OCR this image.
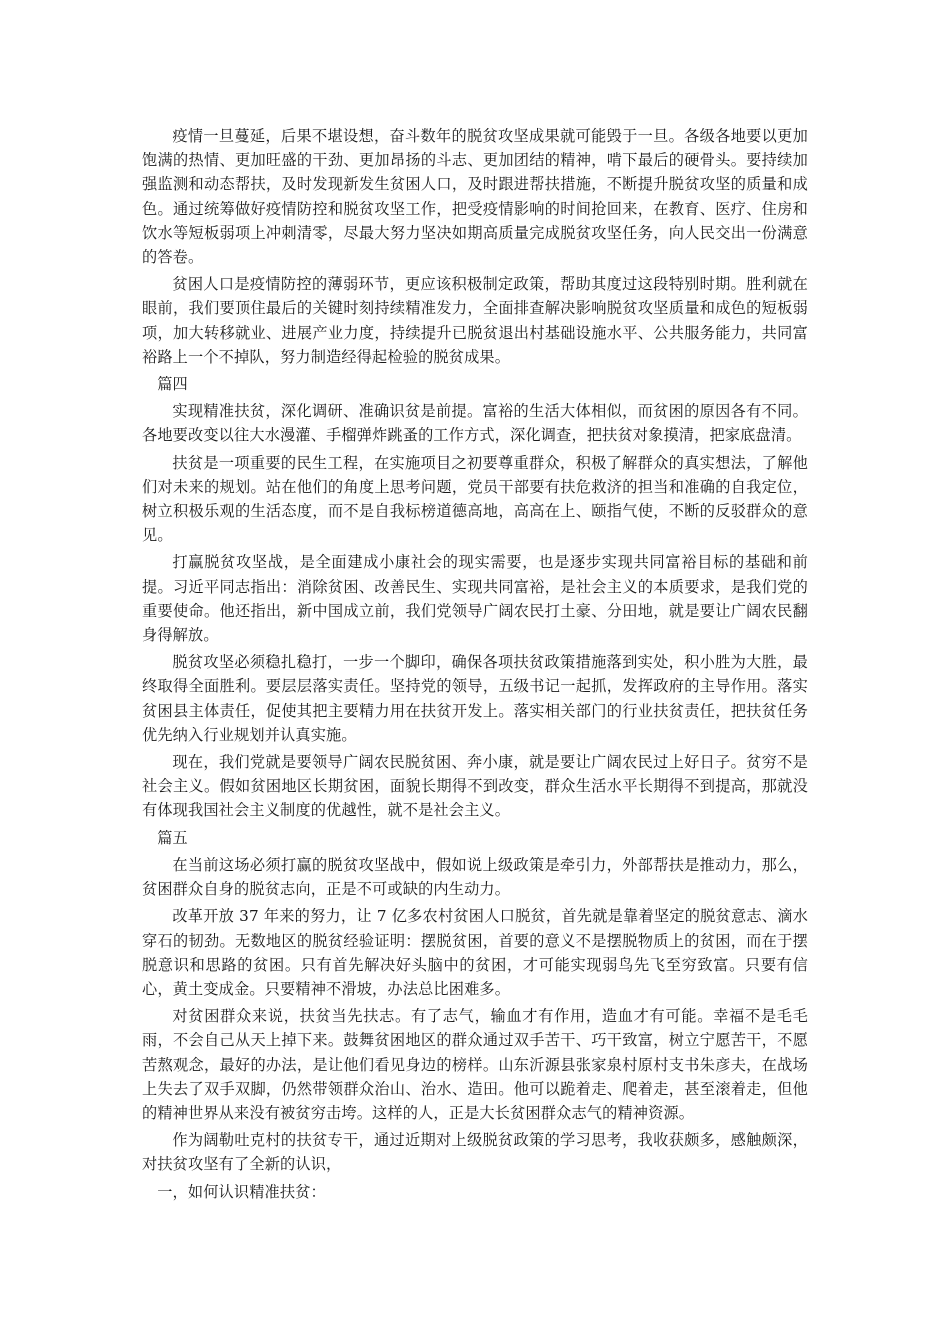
疫情一旦蔓延，后果不堪设想，奋斗数年的脱贫攻坚成果就可能毁于一旦。各级各地要以更加饱满的热情、更加旺盛的干劲、更加昂扬的斗志、更加团结的精神，啃下最后的硬骨头。要持续加强监测和动态帮扶，及时发现新发生贫困人口，及时跟进帮扶措施，不断提升脱贫攻坚的质量和成色。通过统筹做好疫情防控和脱贫攻坚工作，把受疫情影响的时间抢回来，在教育、医疗、住房和饮水等短板弱项上冲刺清零，尽最大努力坚决如期高质量完成脱贫攻坚任务，向人民交出一份满意的答卷。

贫困人口是疫情防控的薄弱环节，更应该积极制定政策，帮助其度过这段特别时期。胜利就在眼前，我们要顶住最后的关键时刻持续精准发力，全面排查解决影响脱贫攻坚质量和成色的短板弱项，加大转移就业、进展产业力度，持续提升已脱贫退出村基础设施水平、公共服务能力，共同富裕路上一个不掉队，努力制造经得起检验的脱贫成果。

篇四

实现精准扶贫，深化调研、准确识贫是前提。富裕的生活大体相似，而贫困的原因各有不同。各地要改变以往大水漫灌、手榴弹炸跳蚤的工作方式，深化调查，把扶贫对象摸清，把家底盘清。

扶贫是一项重要的民生工程，在实施项目之初要尊重群众，积极了解群众的真实想法，了解他们对未来的规划。站在他们的角度上思考问题，党员干部要有扶危救济的担当和准确的自我定位，树立积极乐观的生活态度，而不是自我标榜道德高地，高高在上、颐指气使，不断的反驳群众的意见。

打赢脱贫攻坚战，是全面建成小康社会的现实需要，也是逐步实现共同富裕目标的基础和前提。习近平同志指出：消除贫困、改善民生、实现共同富裕，是社会主义的本质要求，是我们党的重要使命。他还指出，新中国成立前，我们党领导广阔农民打土豪、分田地，就是要让广阔农民翻身得解放。

脱贫攻坚必须稳扎稳打，一步一个脚印，确保各项扶贫政策措施落到实处，积小胜为大胜，最终取得全面胜利。要层层落实责任。坚持党的领导，五级书记一起抓，发挥政府的主导作用。落实贫困县主体责任，促使其把主要精力用在扶贫开发上。落实相关部门的行业扶贫责任，把扶贫任务优先纳入行业规划并认真实施。

现在，我们党就是要领导广阔农民脱贫困、奔小康，就是要让广阔农民过上好日子。贫穷不是社会主义。假如贫困地区长期贫困，面貌长期得不到改变，群众生活水平长期得不到提高，那就没有体现我国社会主义制度的优越性，就不是社会主义。

篇五

在当前这场必须打赢的脱贫攻坚战中，假如说上级政策是牵引力，外部帮扶是推动力，那么，贫困群众自身的脱贫志向，正是不可或缺的内生动力。

改革开放 37 年来的努力，让 7 亿多农村贫困人口脱贫，首先就是靠着坚定的脱贫意志、滴水穿石的韧劲。无数地区的脱贫经验证明：摆脱贫困，首要的意义不是摆脱物质上的贫困，而在于摆脱意识和思路的贫困。只有首先解决好头脑中的贫困，才可能实现弱鸟先飞至穷致富。只要有信心，黄土变成金。只要精神不滑坡，办法总比困难多。

对贫困群众来说，扶贫当先扶志。有了志气，输血才有作用，造血才有可能。幸福不是毛毛雨，不会自己从天上掉下来。鼓舞贫困地区的群众通过双手苦干、巧干致富，树立宁愿苦干，不愿苦熬观念，最好的办法，是让他们看见身边的榜样。山东沂源县张家泉村原村支书朱彦夫，在战场上失去了双手双脚，仍然带领群众治山、治水、造田。他可以跪着走、爬着走，甚至滚着走，但他的精神世界从来没有被贫穷击垮。这样的人，正是大长贫困群众志气的精神资源。

作为阔勒吐克村的扶贫专干，通过近期对上级脱贫政策的学习思考，我收获颇多，感触颇深，对扶贫攻坚有了全新的认识，

一，如何认识精准扶贫：
